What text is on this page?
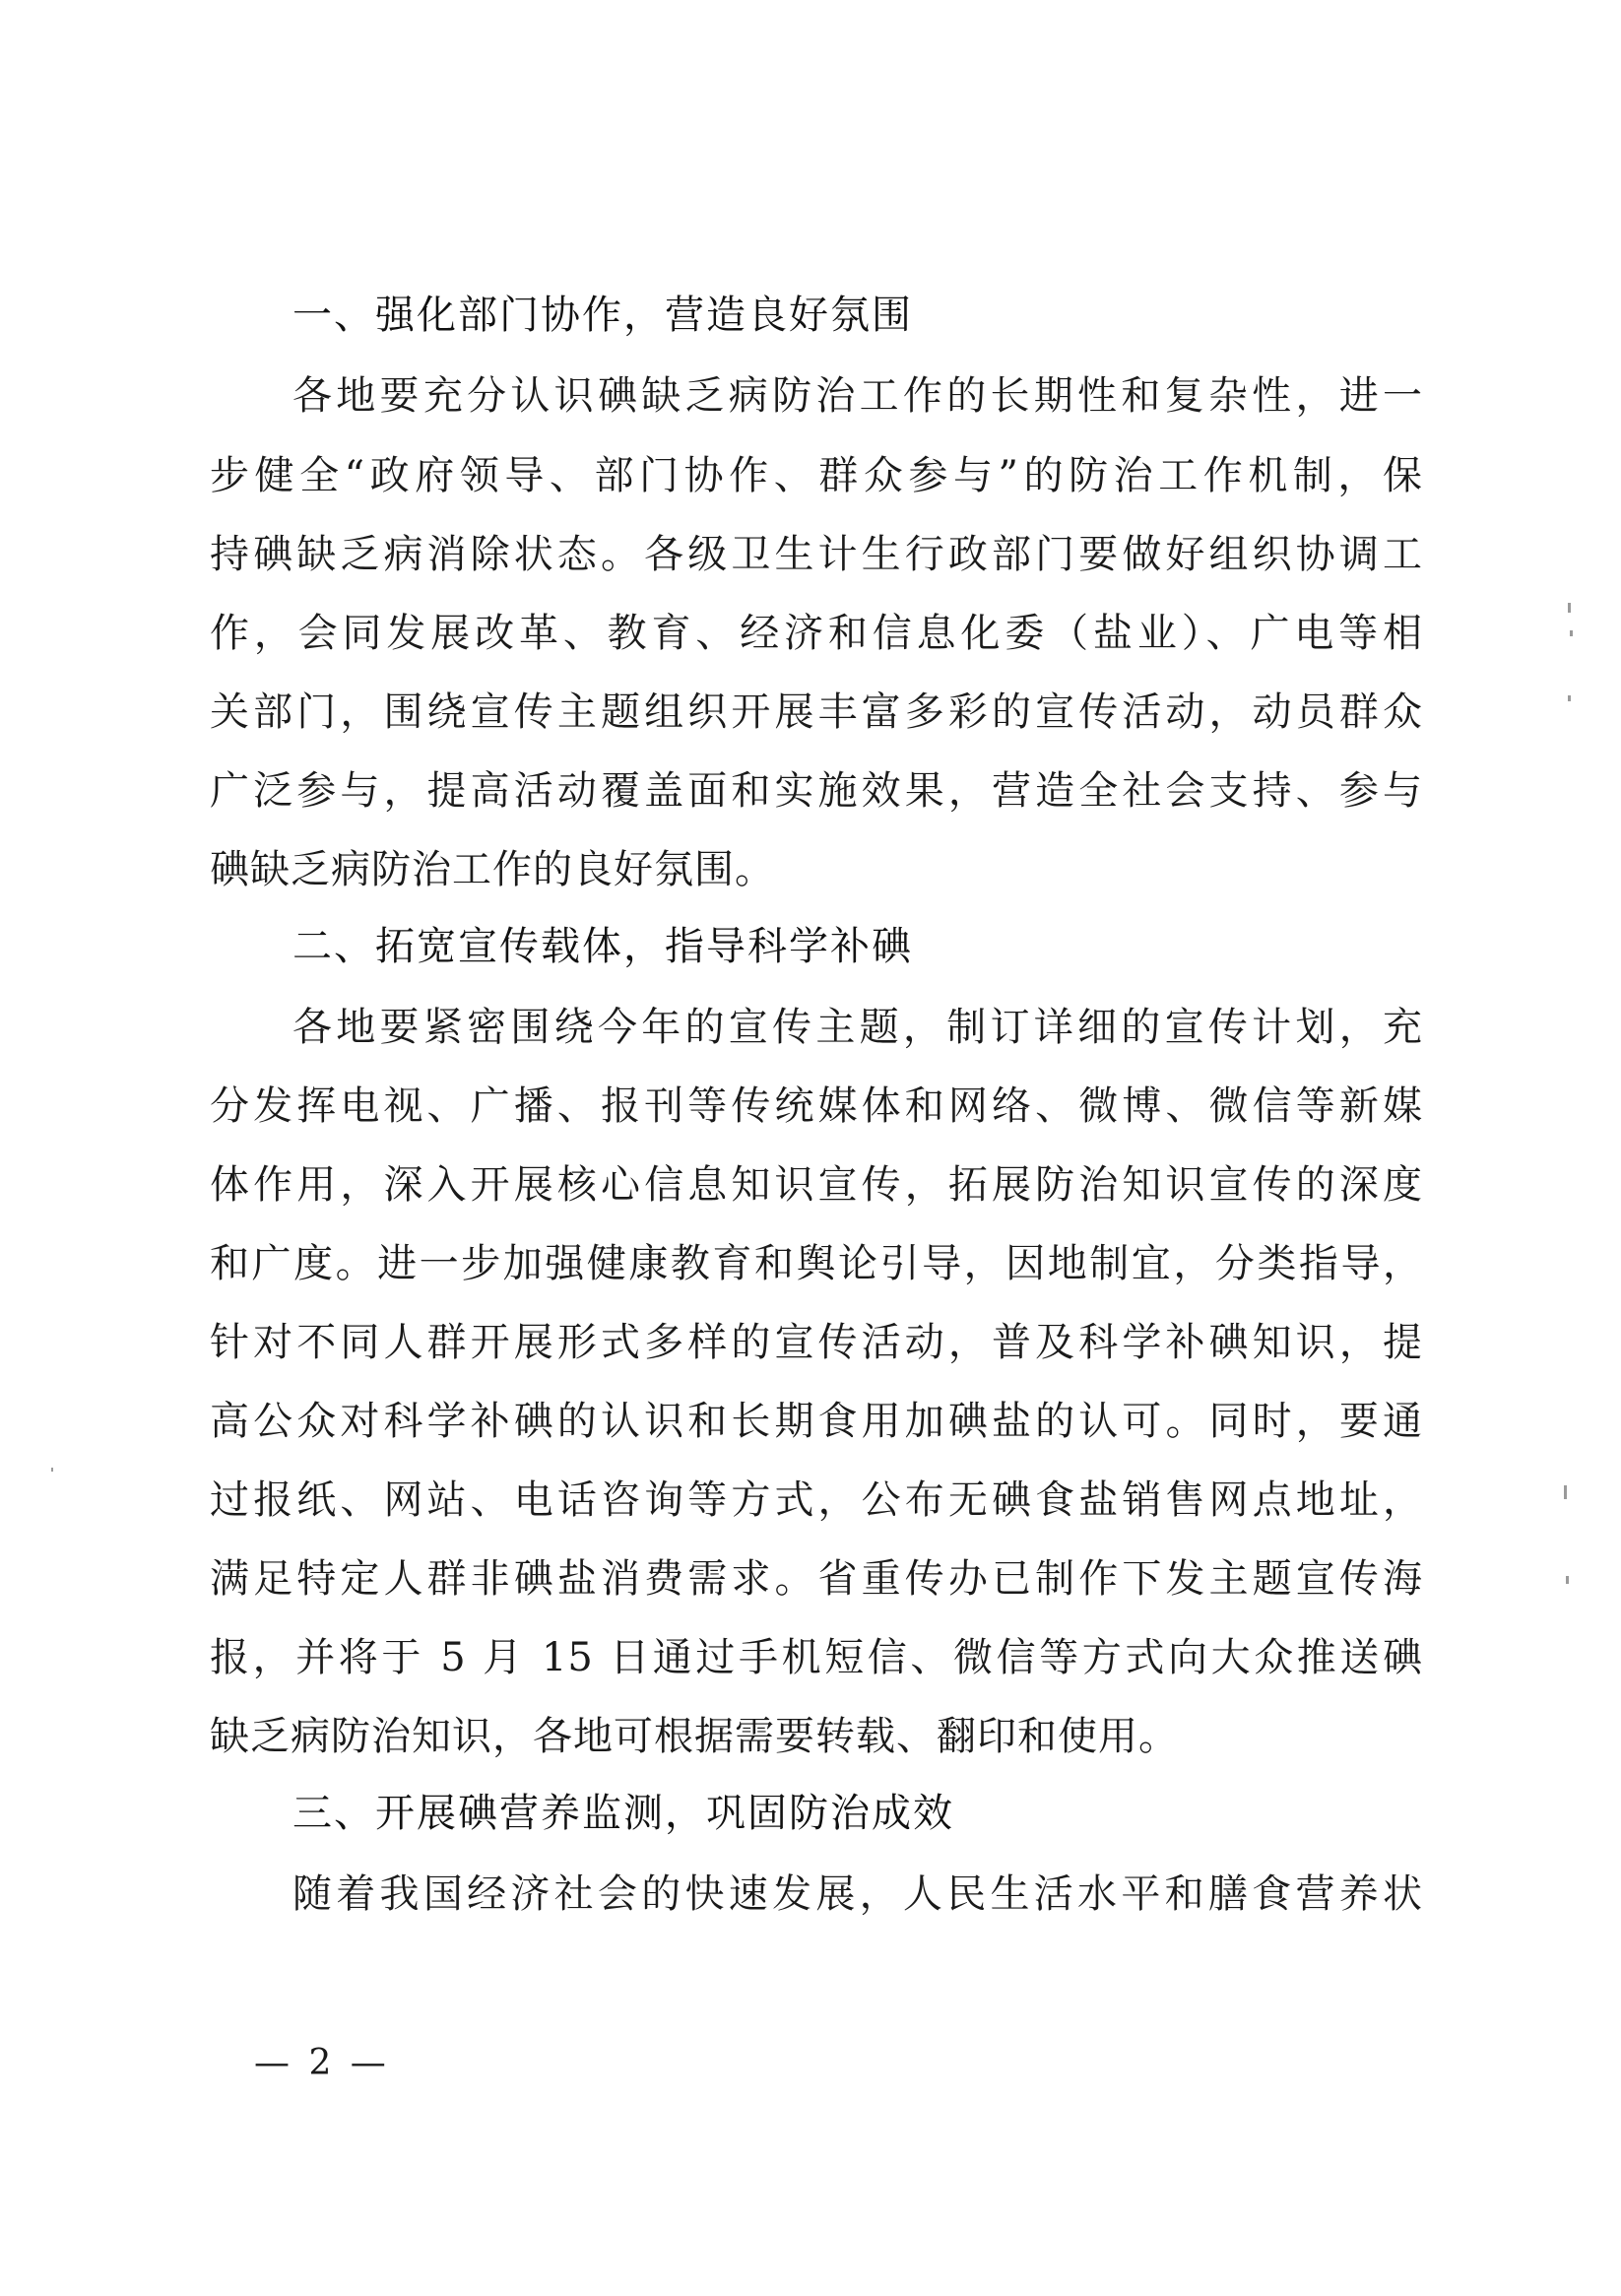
一、强化部门协作，营造良好氛围
各地要充分认识碘缺乏病防治工作的长期性和复杂性，进一
步健全“政府领导、部门协作、群众参与”的防治工作机制，保
持碘缺乏病消除状态。各级卫生计生行政部门要做好组织协调工
作，会同发展改革、教育、经济和信息化委（盐业）、广电等相
关部门，围绕宣传主题组织开展丰富多彩的宣传活动，动员群众
广泛参与，提高活动覆盖面和实施效果，营造全社会支持、参与
碘缺乏病防治工作的良好氛围。
二、拓宽宣传载体，指导科学补碘
各地要紧密围绕今年的宣传主题，制订详细的宣传计划，充
分发挥电视、广播、报刊等传统媒体和网络、微博、微信等新媒
体作用，深入开展核心信息知识宣传，拓展防治知识宣传的深度
和广度。进一步加强健康教育和舆论引导，因地制宜，分类指导，
针对不同人群开展形式多样的宣传活动，普及科学补碘知识，提
高公众对科学补碘的认识和长期食用加碘盐的认可。同时，要通
过报纸、网站、电话咨询等方式，公布无碘食盐销售网点地址，
满足特定人群非碘盐消费需求。省重传办已制作下发主题宣传海
报，并将于 5 月 15 日通过手机短信、微信等方式向大众推送碘
缺乏病防治知识，各地可根据需要转载、翻印和使用。
三、开展碘营养监测，巩固防治成效
随着我国经济社会的快速发展，人民生活水平和膳食营养状
— 2 —
